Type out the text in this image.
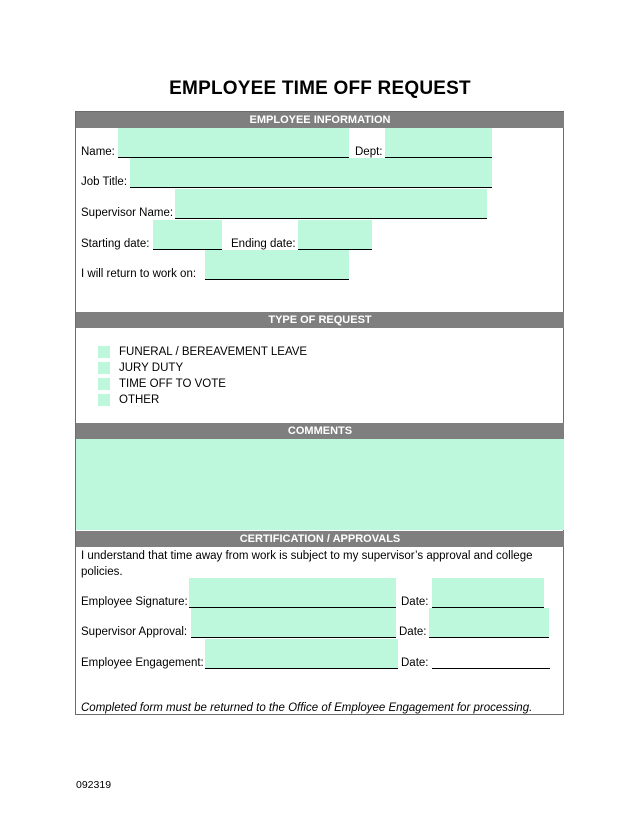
EMPLOYEE TIME OFF REQUEST
EMPLOYEE INFORMATION
Name:	Dept:
Job Title:
Supervisor Name:
Starting date:	Ending date:
I will return to work on:
TYPE OF REQUEST
FUNERAL / BEREAVEMENT LEAVE
JURY DUTY
TIME OFF TO VOTE
OTHER
COMMENTS
CERTIFICATION / APPROVALS
I understand that time away from work is subject to my supervisor’s approval and college policies.
Employee Signature:	Date:
Supervisor Approval:	Date:
Employee Engagement:	Date:
Completed form must be returned to the Office of Employee Engagement for processing.
092319
